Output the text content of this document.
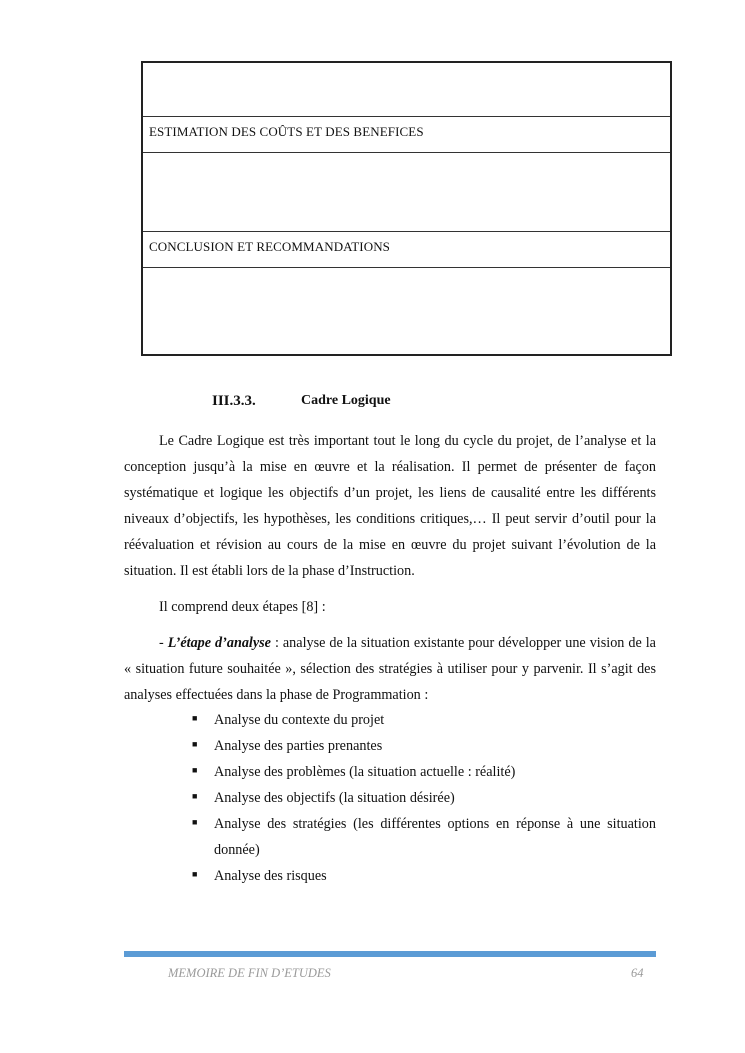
ESTIMATION DES COÛTS ET DES BENEFICES
CONCLUSION ET RECOMMANDATIONS
III.3.3.	Cadre Logique

Le Cadre Logique est très important tout le long du cycle du projet, de l’analyse et la conception jusqu’à la mise en œuvre et la réalisation. Il permet de présenter de façon systématique et logique les objectifs d’un projet, les liens de causalité entre les différents niveaux d’objectifs, les hypothèses, les conditions critiques,… Il peut servir d’outil pour la réévaluation et révision au cours de la mise en œuvre du projet suivant l’évolution de la situation. Il est établi lors de la phase d’Instruction.

Il comprend deux étapes [8] :

- L’étape d’analyse : analyse de la situation existante pour développer une vision de la « situation future souhaitée », sélection des stratégies à utiliser pour y parvenir. Il s’agit des analyses effectuées dans la phase de Programmation :

■
Analyse du contexte du projet
■
Analyse des parties prenantes
■
Analyse des problèmes (la situation actuelle : réalité)
■
Analyse des objectifs (la situation désirée)
■
Analyse des stratégies (les différentes options en réponse à une situation donnée)
■
Analyse des risques
MEMOIRE DE FIN D’ETUDES	64
